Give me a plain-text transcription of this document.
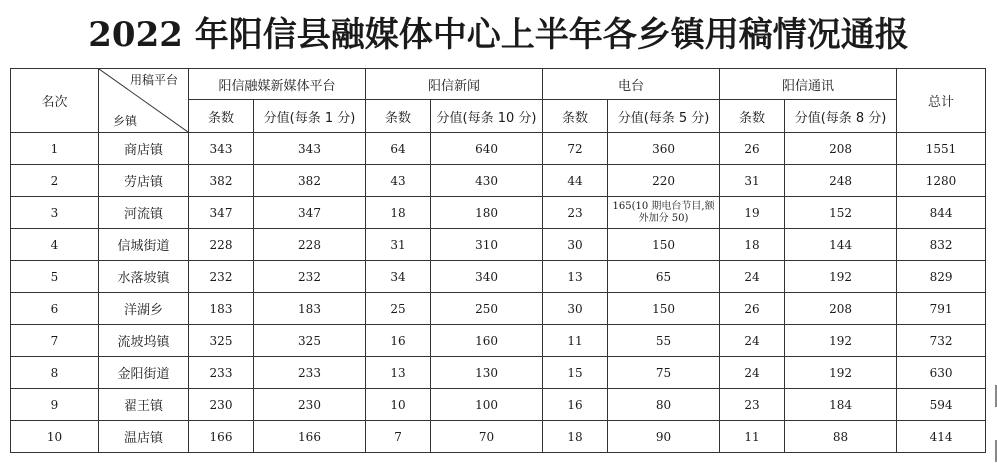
2022 年阳信县融媒体中心上半年各乡镇用稿情况通报
名次	用稿平台
乡镇	阳信融媒新媒体平台		阳信新闻		电台		阳信通讯		总计
		条数	分值(每条 1 分)	条数	分值(每条 10 分)	条数	分值(每条 5 分)	条数	分值(每条 8 分)	
1	商店镇	343	343	64	640	72	360	26	208	1551
2	劳店镇	382	382	43	430	44	220	31	248	1280
3	河流镇	347	347	18	180	23	165(10 期电台节目,额外加分 50)	19	152	844
4	信城街道	228	228	31	310	30	150	18	144	832
5	水落坡镇	232	232	34	340	13	65	24	192	829
6	洋湖乡	183	183	25	250	30	150	26	208	791
7	流坡坞镇	325	325	16	160	11	55	24	192	732
8	金阳街道	233	233	13	130	15	75	24	192	630
9	翟王镇	230	230	10	100	16	80	23	184	594
10	温店镇	166	166	7	70	18	90	11	88	414
